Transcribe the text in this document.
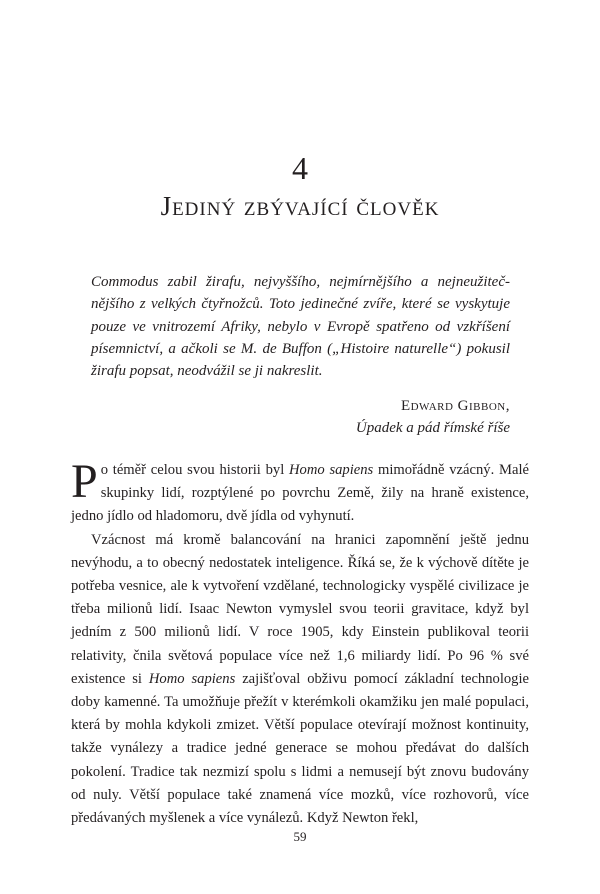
4
Jediný zbývající člověk

Commodus zabil žirafu, nejvyššího, nejmírnějšího a nejneužitečnějšího z velkých čtyřnožců. Toto jedinečné zvíře, které se vyskytuje pouze ve vnitrozemí Afriky, nebylo v Evropě spatřeno od vzkříšení písemnictví, a ačkoli se M. de Buffon („Histoire naturelle“) pokusil žirafu popsat, neodvážil se ji nakreslit.

Edward Gibbon,
Úpadek a pád římské říše

Po téměř celou svou historii byl Homo sapiens mimořádně vzácný. Malé skupinky lidí, rozptýlené po povrchu Země, žily na hraně existence, jedno jídlo od hladomoru, dvě jídla od vyhynutí.

Vzácnost má kromě balancování na hranici zapomnění ještě jednu nevýhodu, a to obecný nedostatek inteligence. Říká se, že k výchově dítěte je potřeba vesnice, ale k vytvoření vzdělané, technologicky vyspělé civilizace je třeba milionů lidí. Isaac Newton vymyslel svou teorii gravitace, když byl jedním z 500 milionů lidí. V roce 1905, kdy Einstein publikoval teorii relativity, čnila světová populace více než 1,6 miliardy lidí. Po 96 % své existence si Homo sapiens zajišťoval obživu pomocí základní technologie doby kamenné. Ta umožňuje přežít v kterémkoli okamžiku jen malé populaci, která by mohla kdykoli zmizet. Větší populace otevírají možnost kontinuity, takže vynálezy a tradice jedné generace se mohou předávat do dalších pokolení. Tradice tak nezmizí spolu s lidmi a nemusejí být znovu budovány od nuly. Větší populace také znamená více mozků, více rozhovorů, více předávaných myšlenek a více vynálezů. Když Newton řekl,

59
